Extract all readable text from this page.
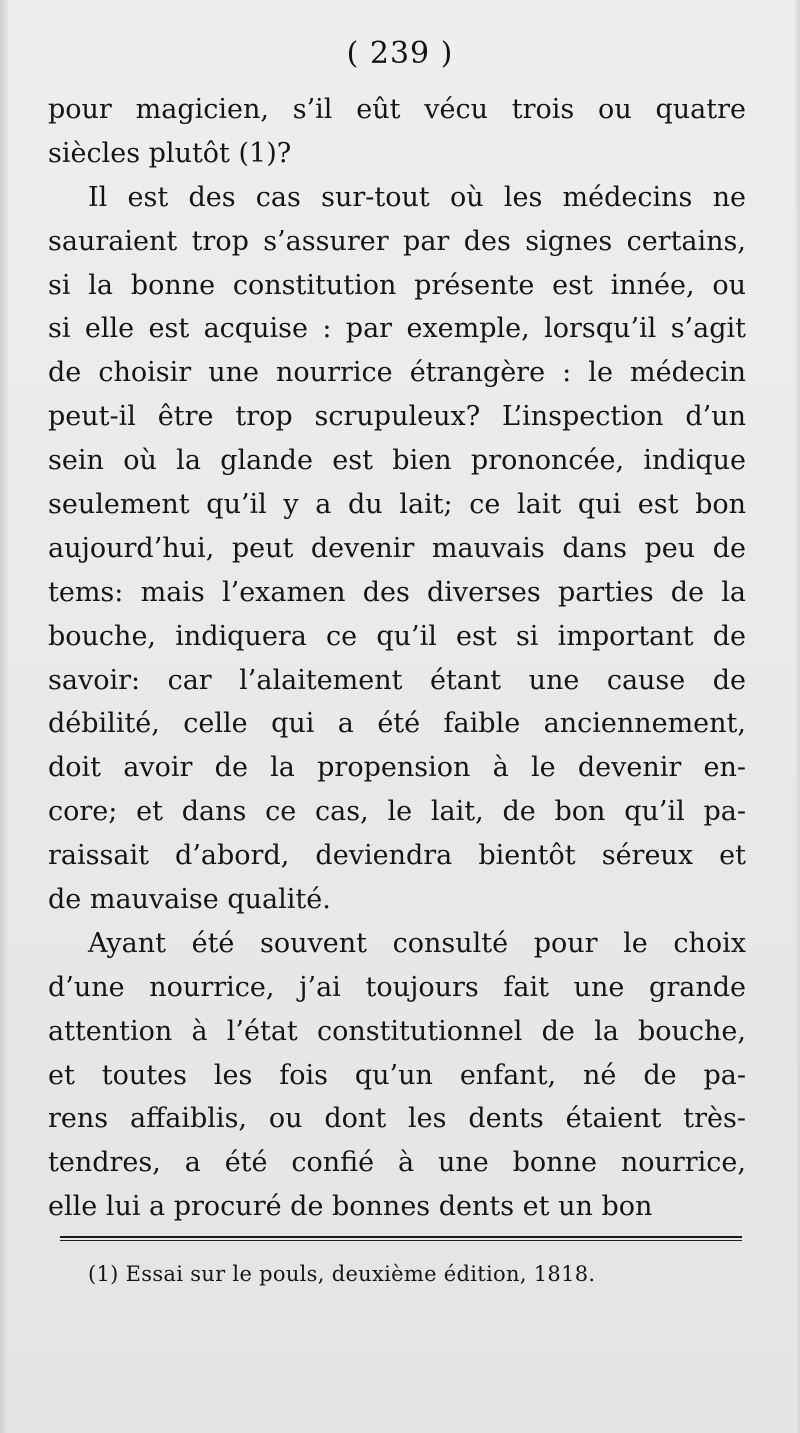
( 239 )
pour magicien, s’il eût vécu trois ou quatre
siècles plutôt (1)?
Il est des cas sur-tout où les médecins ne
sauraient trop s’assurer par des signes certains,
si la bonne constitution présente est innée, ou
si elle est acquise : par exemple, lorsqu’il s’agit
de choisir une nourrice étrangère : le médecin
peut-il être trop scrupuleux? L’inspection d’un
sein où la glande est bien prononcée, indique
seulement qu’il y a du lait; ce lait qui est bon
aujourd’hui, peut devenir mauvais dans peu de
tems: mais l’examen des diverses parties de la
bouche, indiquera ce qu’il est si important de
savoir: car l’alaitement étant une cause de
débilité, celle qui a été faible anciennement,
doit avoir de la propension à le devenir en-
core; et dans ce cas, le lait, de bon qu’il pa-
raissait d’abord, deviendra bientôt séreux et
de mauvaise qualité.
Ayant été souvent consulté pour le choix
d’une nourrice, j’ai toujours fait une grande
attention à l’état constitutionnel de la bouche,
et toutes les fois qu’un enfant, né de pa-
rens affaiblis, ou dont les dents étaient très-
tendres, a été confié à une bonne nourrice,
elle lui a procuré de bonnes dents et un bon
(1) Essai sur le pouls, deuxième édition, 1818.
